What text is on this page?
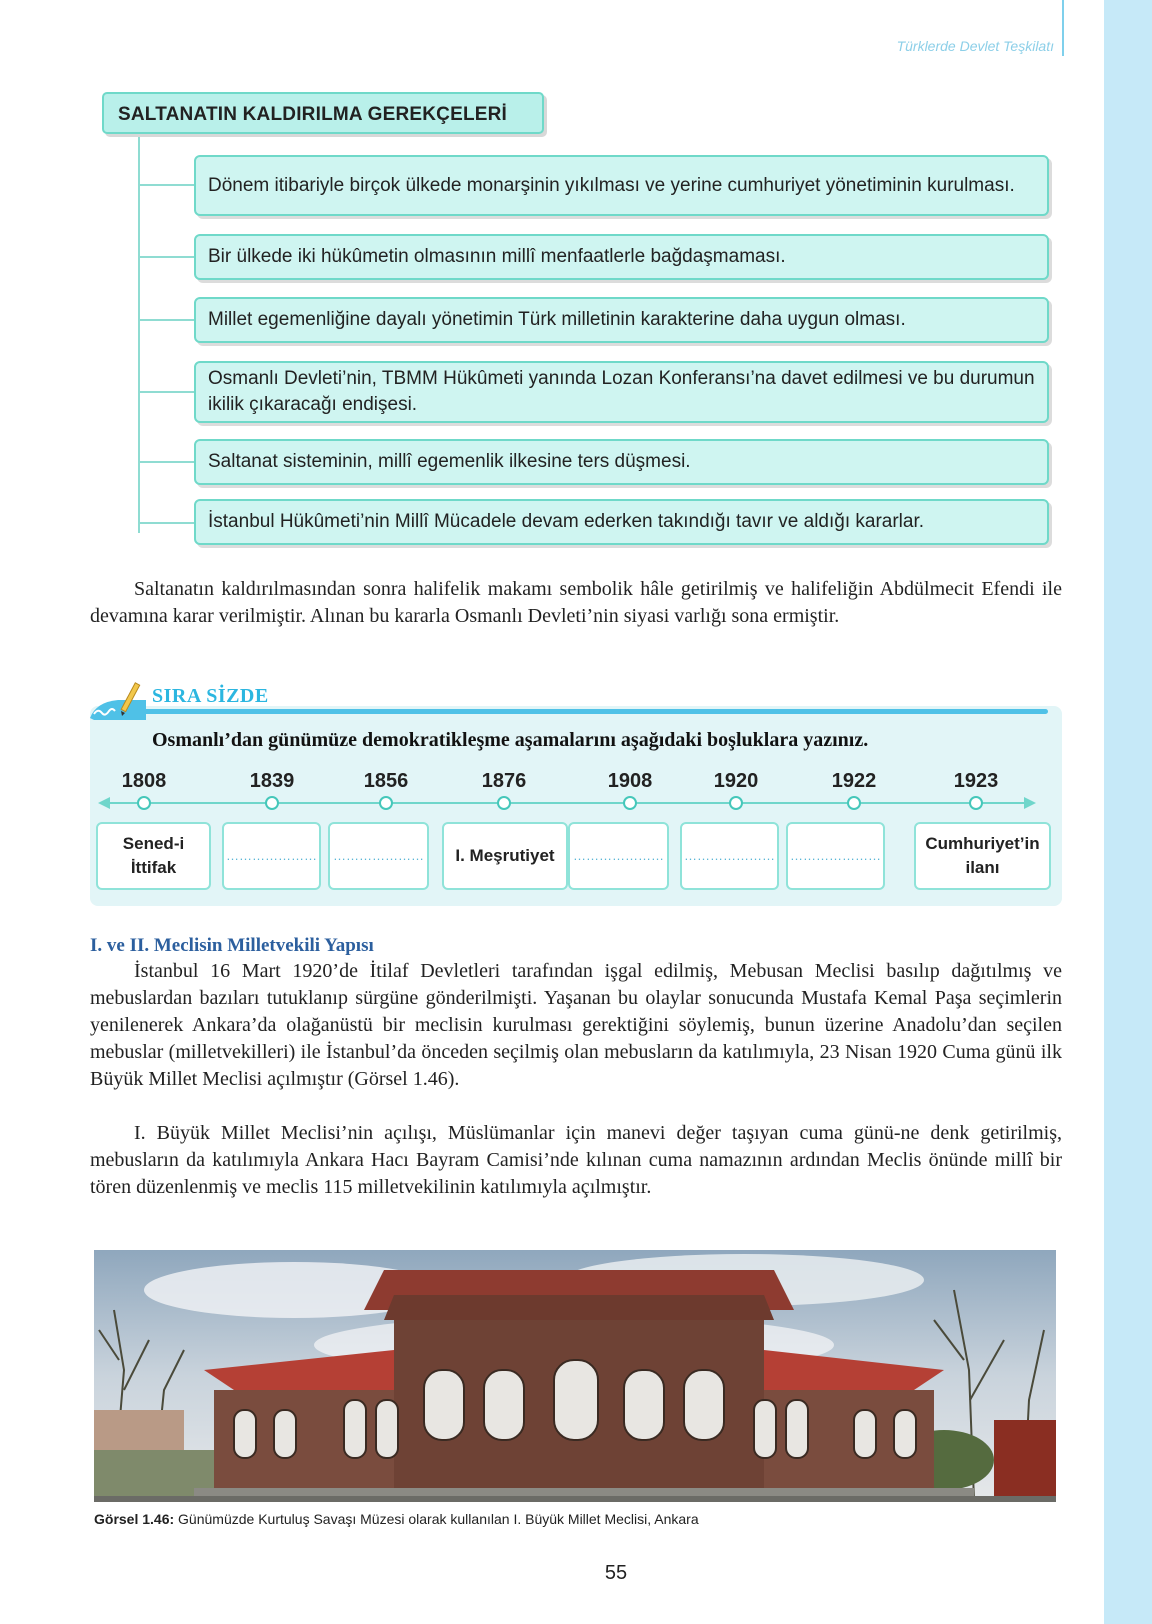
Türklerde Devlet Teşkilatı
SALTANATIN KALDIRILMA GEREKÇELERİ
Dönem itibariyle birçok ülkede monarşinin yıkılması ve yerine cumhuriyet yönetiminin kurulması.
Bir ülkede iki hükûmetin olmasının millî menfaatlerle bağdaşmaması.
Millet egemenliğine dayalı yönetimin Türk milletinin karakterine daha uygun olması.
Osmanlı Devleti’nin, TBMM Hükûmeti yanında Lozan Konferansı’na davet edilmesi ve bu durumun ikilik çıkaracağı endişesi.
Saltanat sisteminin, millî egemenlik ilkesine ters düşmesi.
İstanbul Hükûmeti’nin Millî Mücadele devam ederken takındığı tavır ve aldığı kararlar.
Saltanatın kaldırılmasından sonra halifelik makamı sembolik hâle getirilmiş ve halifeliğin Abdülmecit Efendi ile devamına karar verilmiştir. Alınan bu kararla Osmanlı Devleti’nin siyasi varlığı sona ermiştir.
SIRA SİZDE
Osmanlı’dan günümüze demokratikleşme aşamalarını aşağıdaki boşluklara yazınız.
1808
Sened-i İttifak
1839
…………………
1856
…………………
1876
I. Meşrutiyet
1908
…………………
1920
…………………
1922
…………………
1923
Cumhuriyet’in ilanı
I. ve II. Meclisin Milletvekili Yapısı
İstanbul 16 Mart 1920’de İtilaf Devletleri tarafından işgal edilmiş, Mebusan Meclisi basılıp dağıtılmış ve mebuslardan bazıları tutuklanıp sürgüne gönderilmişti. Yaşanan bu olaylar sonucunda Mustafa Kemal Paşa seçimlerin yenilenerek Ankara’da olağanüstü bir meclisin kurulması gerektiğini söylemiş, bunun üzerine Anadolu’dan seçilen mebuslar (milletvekilleri) ile İstanbul’da önceden seçilmiş olan mebusların da katılımıyla, 23 Nisan 1920 Cuma günü ilk Büyük Millet Meclisi açılmıştır (Görsel 1.46).
I. Büyük Millet Meclisi’nin açılışı, Müslümanlar için manevi değer taşıyan cuma günü-ne denk getirilmiş, mebusların da katılımıyla Ankara Hacı Bayram Camisi’nde kılınan cuma namazının ardından Meclis önünde millî bir tören düzenlenmiş ve meclis 115 milletvekilinin katılımıyla açılmıştır.
Görsel 1.46: Günümüzde Kurtuluş Savaşı Müzesi olarak kullanılan I. Büyük Millet Meclisi, Ankara
55
